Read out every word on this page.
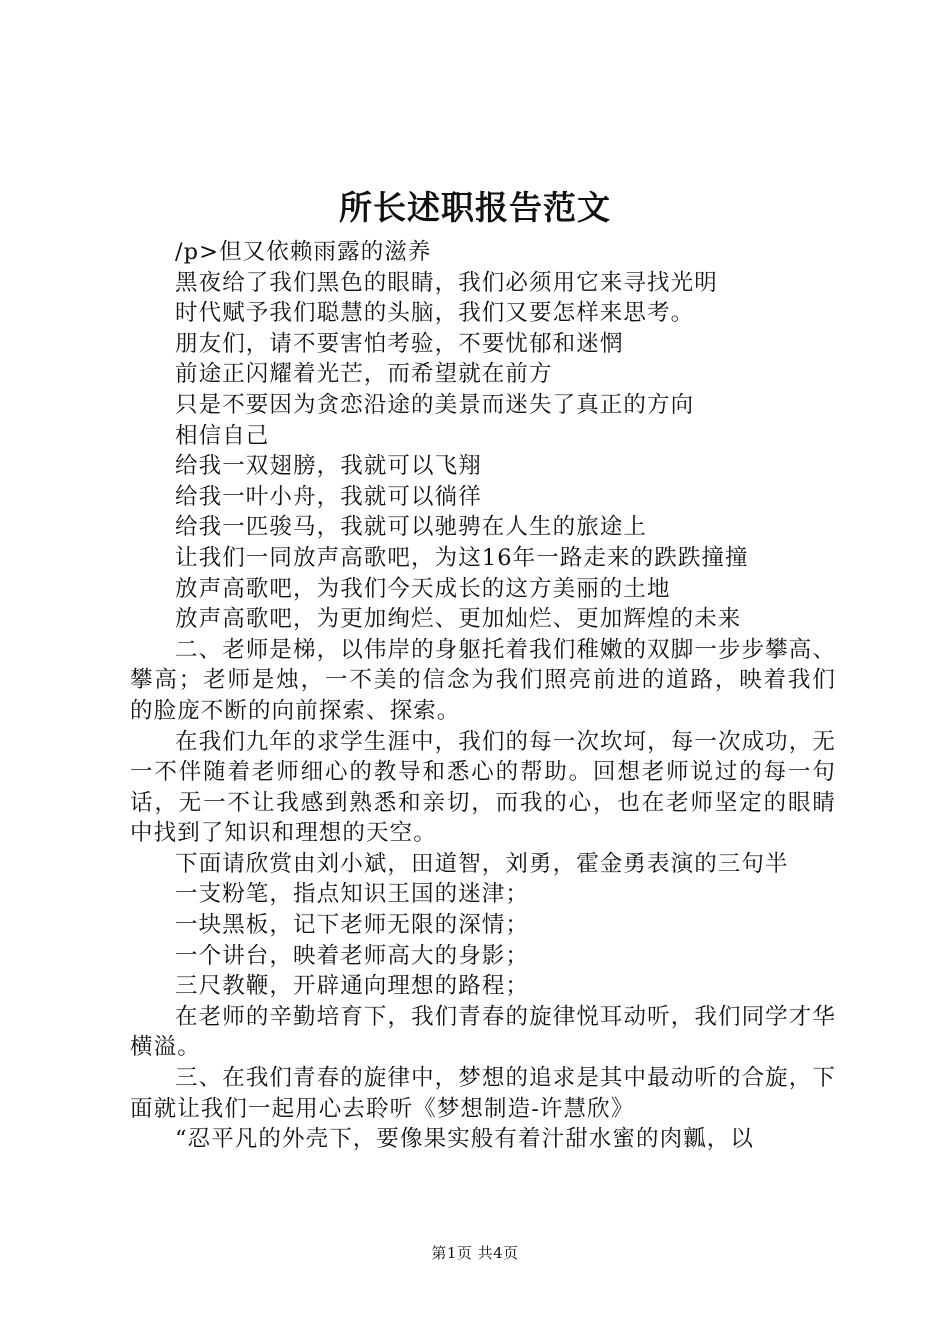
所长述职报告范文

/p>但又依赖雨露的滋养

黑夜给了我们黑色的眼睛，我们必须用它来寻找光明

时代赋予我们聪慧的头脑，我们又要怎样来思考。

朋友们，请不要害怕考验，不要忧郁和迷惘

前途正闪耀着光芒，而希望就在前方

只是不要因为贪恋沿途的美景而迷失了真正的方向

相信自己

给我一双翅膀，我就可以飞翔

给我一叶小舟，我就可以徜徉

给我一匹骏马，我就可以驰骋在人生的旅途上

让我们一同放声高歌吧，为这16年一路走来的跌跌撞撞

放声高歌吧，为我们今天成长的这方美丽的土地

放声高歌吧，为更加绚烂、更加灿烂、更加辉煌的未来

二、老师是梯，以伟岸的身躯托着我们稚嫩的双脚一步步攀高、攀高；老师是烛，一不美的信念为我们照亮前进的道路，映着我们的脸庞不断的向前探索、探索。

在我们九年的求学生涯中，我们的每一次坎坷，每一次成功，无一不伴随着老师细心的教导和悉心的帮助。回想老师说过的每一句话，无一不让我感到熟悉和亲切，而我的心，也在老师坚定的眼睛中找到了知识和理想的天空。

下面请欣赏由刘小斌，田道智，刘勇，霍金勇表演的三句半

一支粉笔，指点知识王国的迷津；

一块黑板，记下老师无限的深情；

一个讲台，映着老师高大的身影；

三尺教鞭，开辟通向理想的路程；

在老师的辛勤培育下，我们青春的旋律悦耳动听，我们同学才华横溢。

三、在我们青春的旋律中，梦想的追求是其中最动听的合旋，下面就让我们一起用心去聆听《梦想制造-许慧欣》

“忍平凡的外壳下，要像果实般有着汁甜水蜜的肉瓤，以

第1页 共4页
